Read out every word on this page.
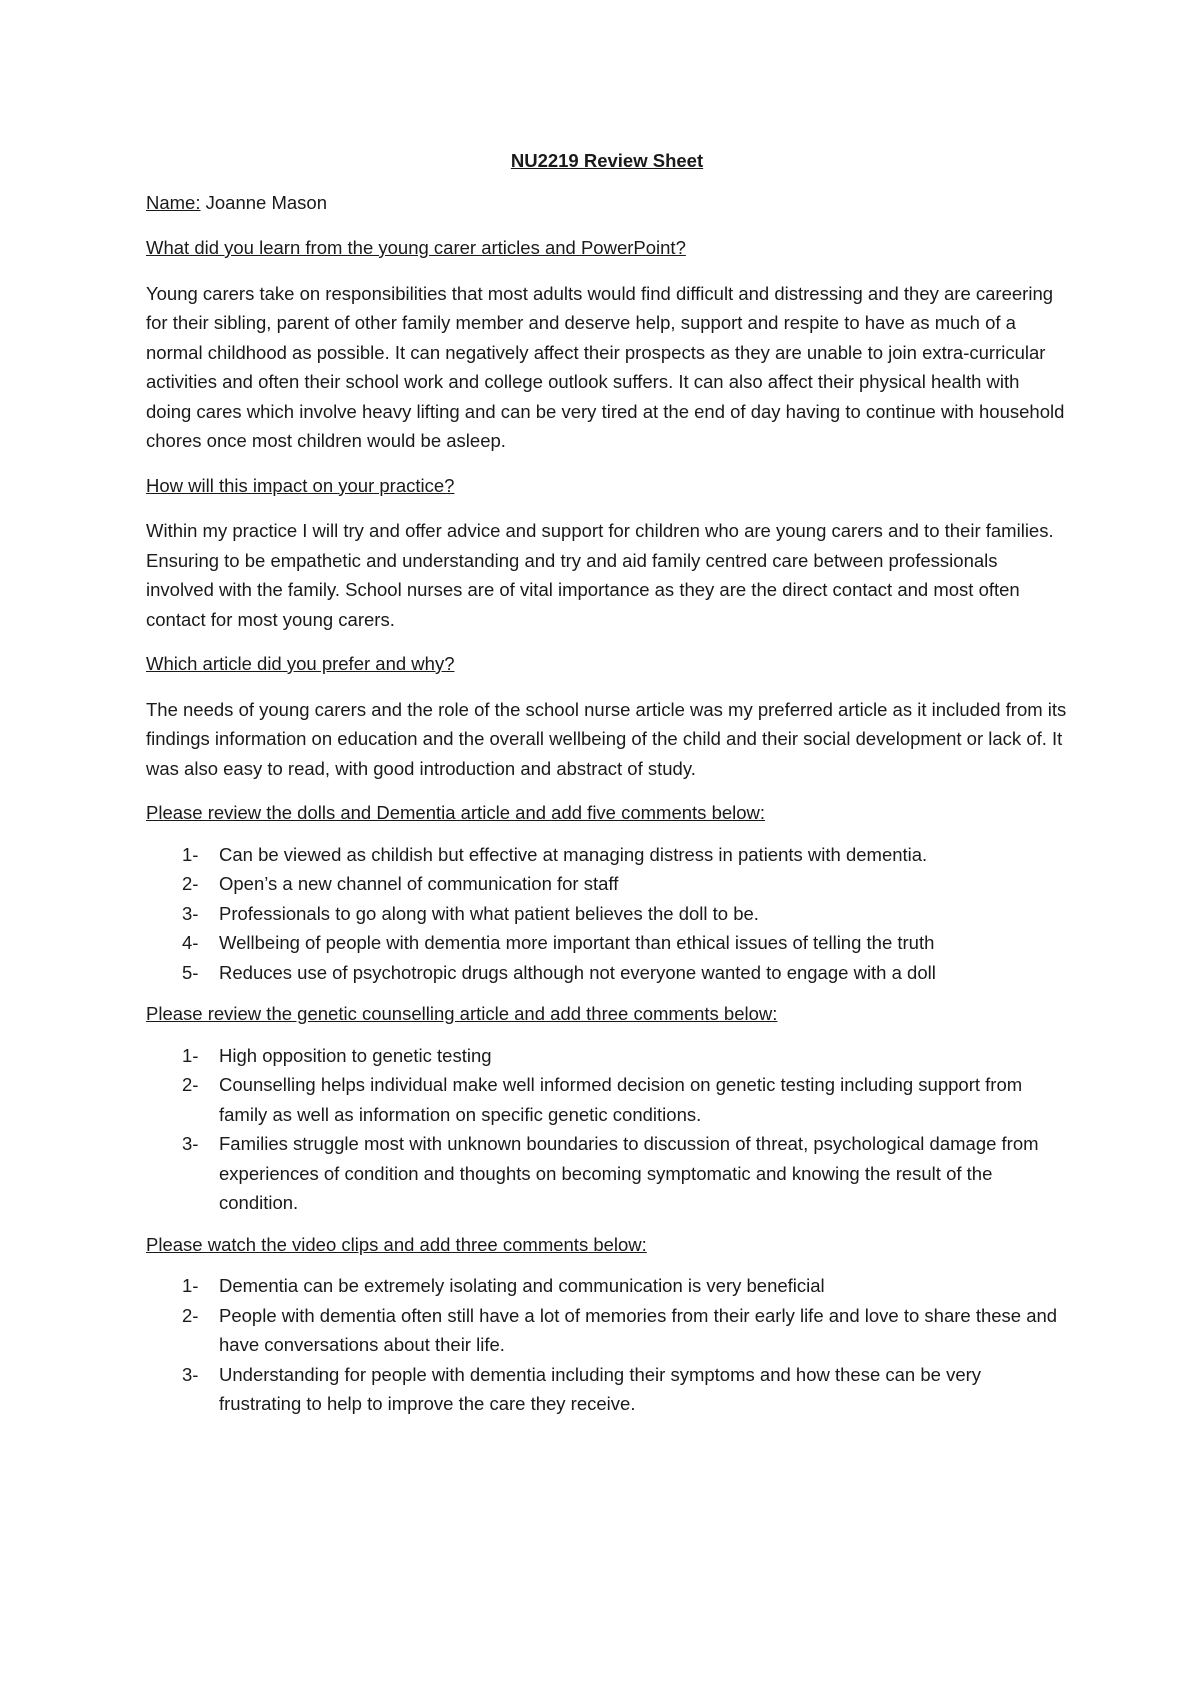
NU2219 Review Sheet

Name: Joanne Mason

What did you learn from the young carer articles and PowerPoint?

Young carers take on responsibilities that most adults would find difficult and distressing and they are careering for their sibling, parent of other family member and deserve help, support and respite to have as much of a normal childhood as possible. It can negatively affect their prospects as they are unable to join extra-curricular activities and often their school work and college outlook suffers. It can also affect their physical health with doing cares which involve heavy lifting and can be very tired at the end of day having to continue with household chores once most children would be asleep.

How will this impact on your practice?

Within my practice I will try and offer advice and support for children who are young carers and to their families. Ensuring to be empathetic and understanding and try and aid family centred care between professionals involved with the family. School nurses are of vital importance as they are the direct contact and most often contact for most young carers.

Which article did you prefer and why?

The needs of young carers and the role of the school nurse article was my preferred article as it included from its findings information on education and the overall wellbeing of the child and their social development or lack of. It was also easy to read, with good introduction and abstract of study.

Please review the dolls and Dementia article and add five comments below:

1-	Can be viewed as childish but effective at managing distress in patients with dementia.
2-	Open’s a new channel of communication for staff
3-	Professionals to go along with what patient believes the doll to be.
4-	Wellbeing of people with dementia more important than ethical issues of telling the truth
5-	Reduces use of psychotropic drugs although not everyone wanted to engage with a doll

Please review the genetic counselling article and add three comments below:

1-	High opposition to genetic testing
2-	Counselling helps individual make well informed decision on genetic testing including support from family as well as information on specific genetic conditions.
3-	Families struggle most with unknown boundaries to discussion of threat, psychological damage from experiences of condition and thoughts on becoming symptomatic and knowing the result of the condition.

Please watch the video clips and add three comments below:

1-	Dementia can be extremely isolating and communication is very beneficial
2-	People with dementia often still have a lot of memories from their early life and love to share these and have conversations about their life.
3-	Understanding for people with dementia including their symptoms and how these can be very frustrating to help to improve the care they receive.
